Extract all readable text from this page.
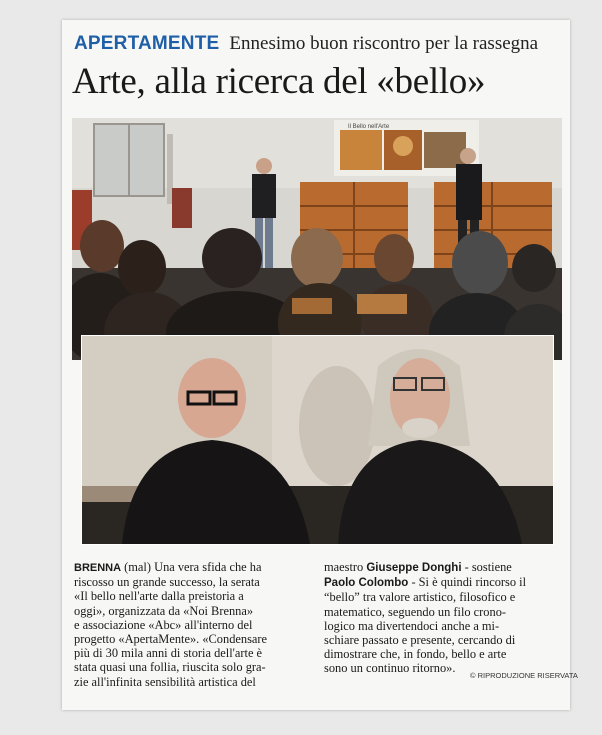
APERTAMENTE Ennesimo buon riscontro per la rassegna
Arte, alla ricerca del «bello»
Il Bello nell'Arte
BRENNA (mal) Una vera sfida che ha
riscosso un grande successo, la serata
«Il bello nell'arte dalla preistoria a
oggi», organizzata da «Noi Brenna»
e associazione «Abc» all'interno del
progetto «ApertaMente». «Condensare
più di 30 mila anni di storia dell'arte è
stata quasi una follia, riuscita solo gra-
zie all'infinita sensibilità artistica del
maestro Giuseppe Donghi - sostiene
Paolo Colombo - Si è quindi rincorso il
“bello” tra valore artistico, filosofico e
matematico, seguendo un filo crono-
logico ma divertendoci anche a mi-
schiare passato e presente, cercando di
dimostrare che, in fondo, bello e arte
sono un continuo ritorno».
© RIPRODUZIONE RISERVATA
